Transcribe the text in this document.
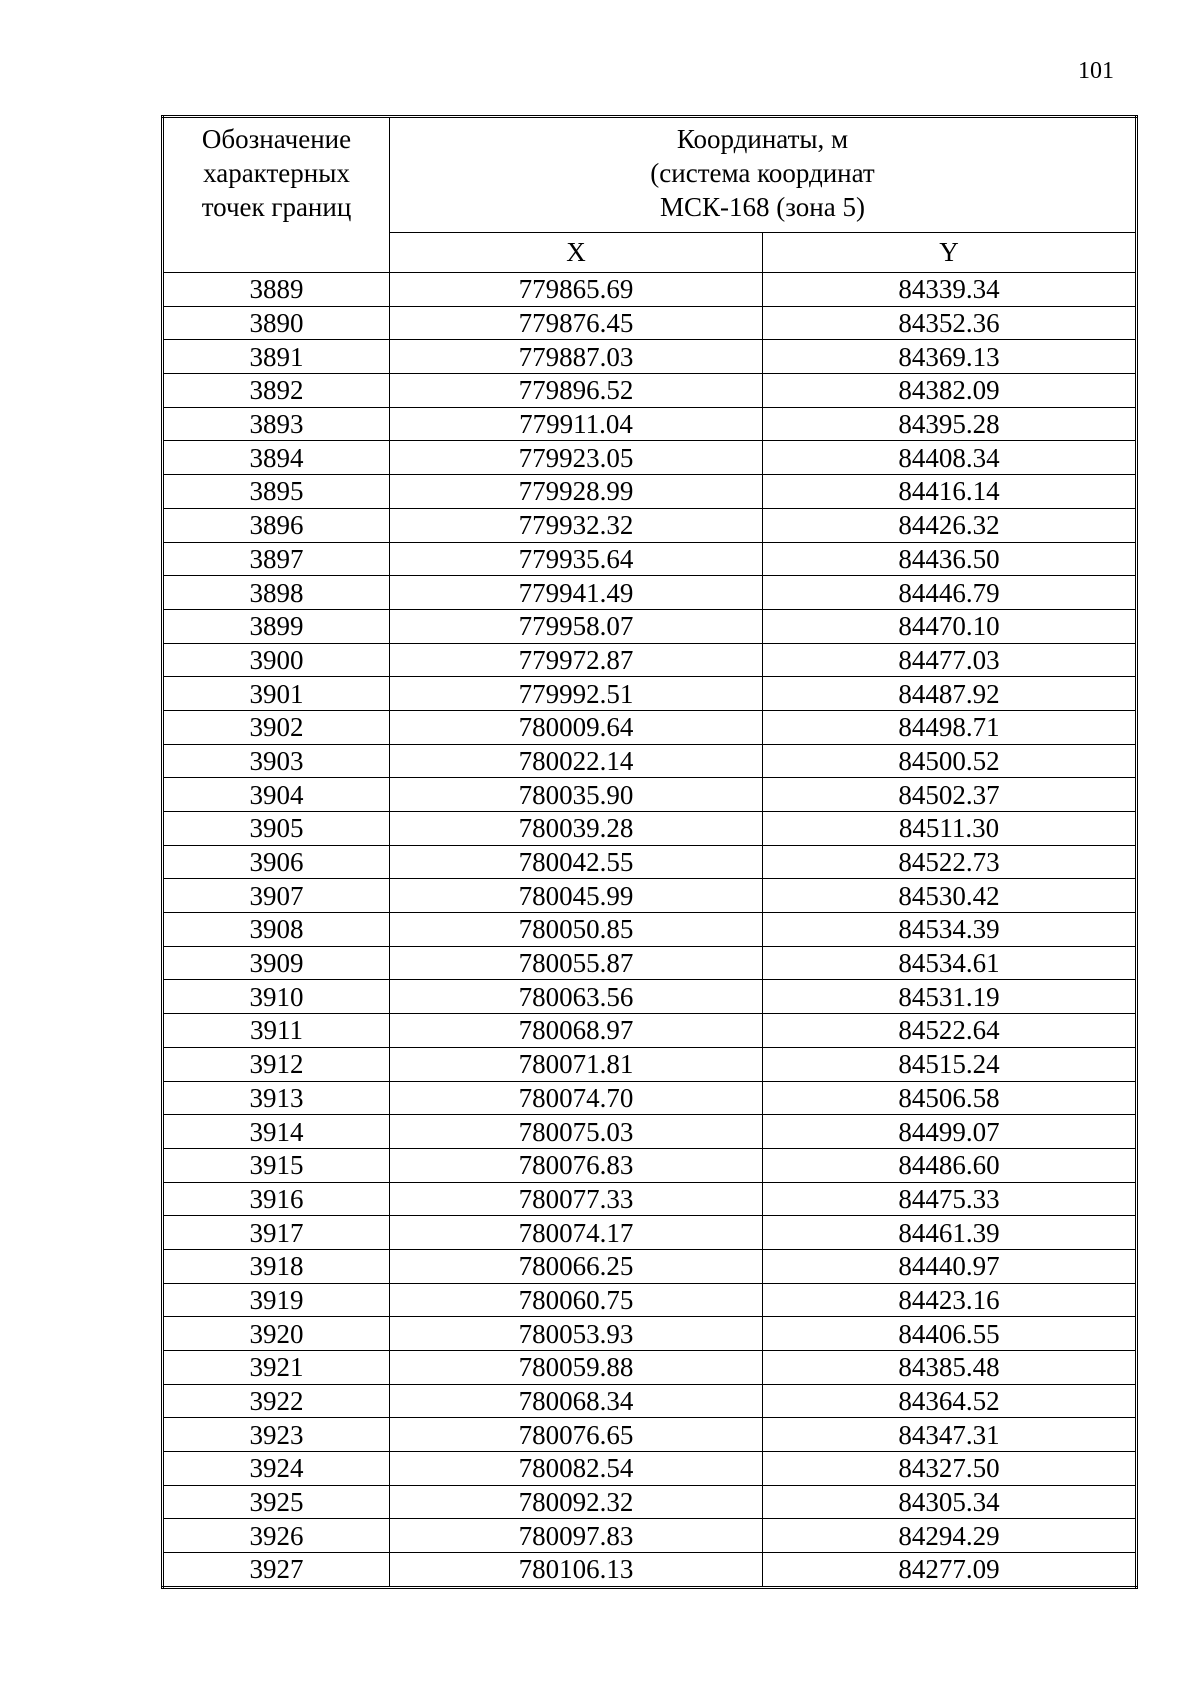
101
Обозначение
характерных
точек границ	Координаты, м
(система координат
МСК-168 (зона 5)	

	X	Y
3889	779865.69	84339.34
3890	779876.45	84352.36
3891	779887.03	84369.13
3892	779896.52	84382.09
3893	779911.04	84395.28
3894	779923.05	84408.34
3895	779928.99	84416.14
3896	779932.32	84426.32
3897	779935.64	84436.50
3898	779941.49	84446.79
3899	779958.07	84470.10
3900	779972.87	84477.03
3901	779992.51	84487.92
3902	780009.64	84498.71
3903	780022.14	84500.52
3904	780035.90	84502.37
3905	780039.28	84511.30
3906	780042.55	84522.73
3907	780045.99	84530.42
3908	780050.85	84534.39
3909	780055.87	84534.61
3910	780063.56	84531.19
3911	780068.97	84522.64
3912	780071.81	84515.24
3913	780074.70	84506.58
3914	780075.03	84499.07
3915	780076.83	84486.60
3916	780077.33	84475.33
3917	780074.17	84461.39
3918	780066.25	84440.97
3919	780060.75	84423.16
3920	780053.93	84406.55
3921	780059.88	84385.48
3922	780068.34	84364.52
3923	780076.65	84347.31
3924	780082.54	84327.50
3925	780092.32	84305.34
3926	780097.83	84294.29
3927	780106.13	84277.09
